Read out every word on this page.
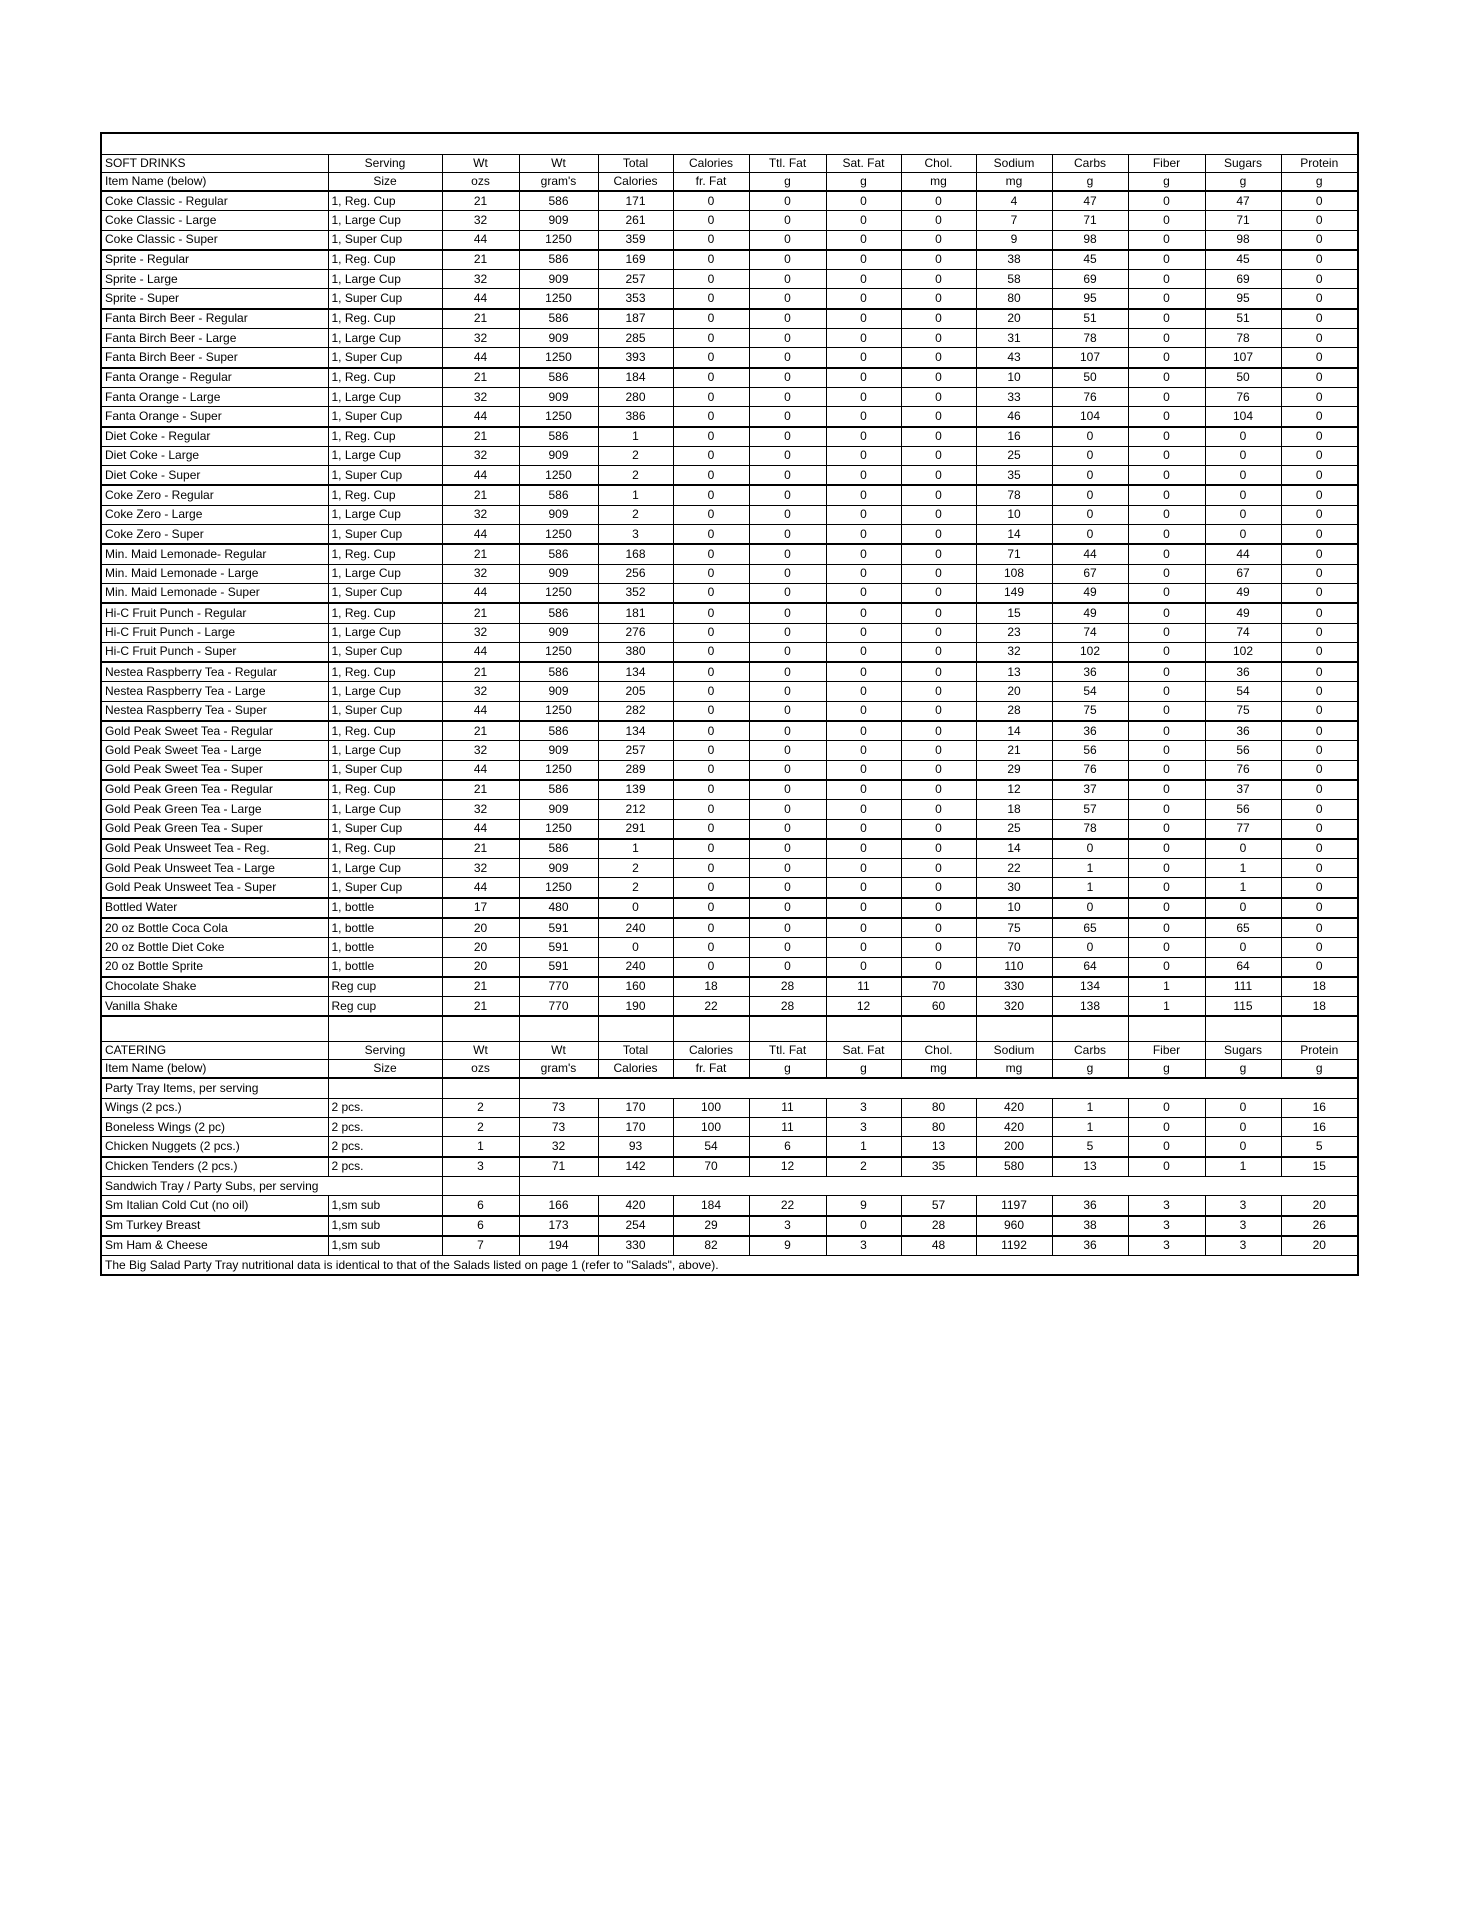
SOFT DRINKS	Serving	Wt	Wt	Total	Calories	Ttl. Fat	Sat. Fat	Chol.	Sodium	Carbs	Fiber	Sugars	Protein
Item Name (below)	Size	ozs	gram's	Calories	fr. Fat	g	g	mg	mg	g	g	g	g
Coke Classic - Regular	1, Reg. Cup	21	586	171	0	0	0	0	4	47	0	47	0
Coke Classic - Large	1, Large Cup	32	909	261	0	0	0	0	7	71	0	71	0
Coke Classic - Super	1, Super Cup	44	1250	359	0	0	0	0	9	98	0	98	0
Sprite - Regular	1, Reg. Cup	21	586	169	0	0	0	0	38	45	0	45	0
Sprite - Large	1, Large Cup	32	909	257	0	0	0	0	58	69	0	69	0
Sprite - Super	1, Super Cup	44	1250	353	0	0	0	0	80	95	0	95	0
Fanta Birch Beer - Regular	1, Reg. Cup	21	586	187	0	0	0	0	20	51	0	51	0
Fanta Birch Beer - Large	1, Large Cup	32	909	285	0	0	0	0	31	78	0	78	0
Fanta Birch Beer - Super	1, Super Cup	44	1250	393	0	0	0	0	43	107	0	107	0
Fanta Orange - Regular	1, Reg. Cup	21	586	184	0	0	0	0	10	50	0	50	0
Fanta Orange - Large	1, Large Cup	32	909	280	0	0	0	0	33	76	0	76	0
Fanta Orange - Super	1, Super Cup	44	1250	386	0	0	0	0	46	104	0	104	0
Diet Coke - Regular	1, Reg. Cup	21	586	1	0	0	0	0	16	0	0	0	0
Diet Coke - Large	1, Large Cup	32	909	2	0	0	0	0	25	0	0	0	0
Diet Coke - Super	1, Super Cup	44	1250	2	0	0	0	0	35	0	0	0	0
Coke Zero - Regular	1, Reg. Cup	21	586	1	0	0	0	0	78	0	0	0	0
Coke Zero - Large	1, Large Cup	32	909	2	0	0	0	0	10	0	0	0	0
Coke Zero - Super	1, Super Cup	44	1250	3	0	0	0	0	14	0	0	0	0
Min. Maid Lemonade- Regular	1, Reg. Cup	21	586	168	0	0	0	0	71	44	0	44	0
Min. Maid Lemonade - Large	1, Large Cup	32	909	256	0	0	0	0	108	67	0	67	0
Min. Maid Lemonade - Super	1, Super Cup	44	1250	352	0	0	0	0	149	49	0	49	0
Hi-C Fruit Punch - Regular	1, Reg. Cup	21	586	181	0	0	0	0	15	49	0	49	0
Hi-C Fruit Punch - Large	1, Large Cup	32	909	276	0	0	0	0	23	74	0	74	0
Hi-C Fruit Punch - Super	1, Super Cup	44	1250	380	0	0	0	0	32	102	0	102	0
Nestea Raspberry Tea - Regular	1, Reg. Cup	21	586	134	0	0	0	0	13	36	0	36	0
Nestea Raspberry Tea - Large	1, Large Cup	32	909	205	0	0	0	0	20	54	0	54	0
Nestea Raspberry Tea - Super	1, Super Cup	44	1250	282	0	0	0	0	28	75	0	75	0
Gold Peak Sweet Tea - Regular	1, Reg. Cup	21	586	134	0	0	0	0	14	36	0	36	0
Gold Peak Sweet Tea - Large	1, Large Cup	32	909	257	0	0	0	0	21	56	0	56	0
Gold Peak Sweet Tea - Super	1, Super Cup	44	1250	289	0	0	0	0	29	76	0	76	0
Gold Peak Green Tea - Regular	1, Reg. Cup	21	586	139	0	0	0	0	12	37	0	37	0
Gold Peak Green Tea - Large	1, Large Cup	32	909	212	0	0	0	0	18	57	0	56	0
Gold Peak Green Tea - Super	1, Super Cup	44	1250	291	0	0	0	0	25	78	0	77	0
Gold Peak Unsweet Tea - Reg.	1, Reg. Cup	21	586	1	0	0	0	0	14	0	0	0	0
Gold Peak Unsweet Tea - Large	1, Large Cup	32	909	2	0	0	0	0	22	1	0	1	0
Gold Peak Unsweet Tea - Super	1, Super Cup	44	1250	2	0	0	0	0	30	1	0	1	0
Bottled Water	1, bottle	17	480	0	0	0	0	0	10	0	0	0	0
20 oz Bottle Coca Cola	1, bottle	20	591	240	0	0	0	0	75	65	0	65	0
20 oz Bottle Diet Coke	1, bottle	20	591	0	0	0	0	0	70	0	0	0	0
20 oz Bottle Sprite	1, bottle	20	591	240	0	0	0	0	110	64	0	64	0
Chocolate Shake	Reg cup	21	770	160	18	28	11	70	330	134	1	111	18
Vanilla Shake	Reg cup	21	770	190	22	28	12	60	320	138	1	115	18

CATERING	Serving	Wt	Wt	Total	Calories	Ttl. Fat	Sat. Fat	Chol.	Sodium	Carbs	Fiber	Sugars	Protein
Item Name (below)	Size	ozs	gram's	Calories	fr. Fat	g	g	mg	mg	g	g	g	g
Party Tray Items, per serving													
Wings (2 pcs.)	2 pcs.	2	73	170	100	11	3	80	420	1	0	0	16
Boneless Wings (2 pc)	2 pcs.	2	73	170	100	11	3	80	420	1	0	0	16
Chicken Nuggets (2 pcs.)	2 pcs.	1	32	93	54	6	1	13	200	5	0	0	5
Chicken Tenders (2 pcs.)	2 pcs.	3	71	142	70	12	2	35	580	13	0	1	15
Sandwich Tray / Party Subs, per serving													
Sm Italian Cold Cut (no oil)	1,sm sub	6	166	420	184	22	9	57	1197	36	3	3	20
Sm Turkey Breast	1,sm sub	6	173	254	29	3	0	28	960	38	3	3	26
Sm Ham & Cheese	1,sm sub	7	194	330	82	9	3	48	1192	36	3	3	20
The Big Salad Party Tray nutritional data is identical to that of the Salads listed on page 1 (refer to "Salads", above).													
